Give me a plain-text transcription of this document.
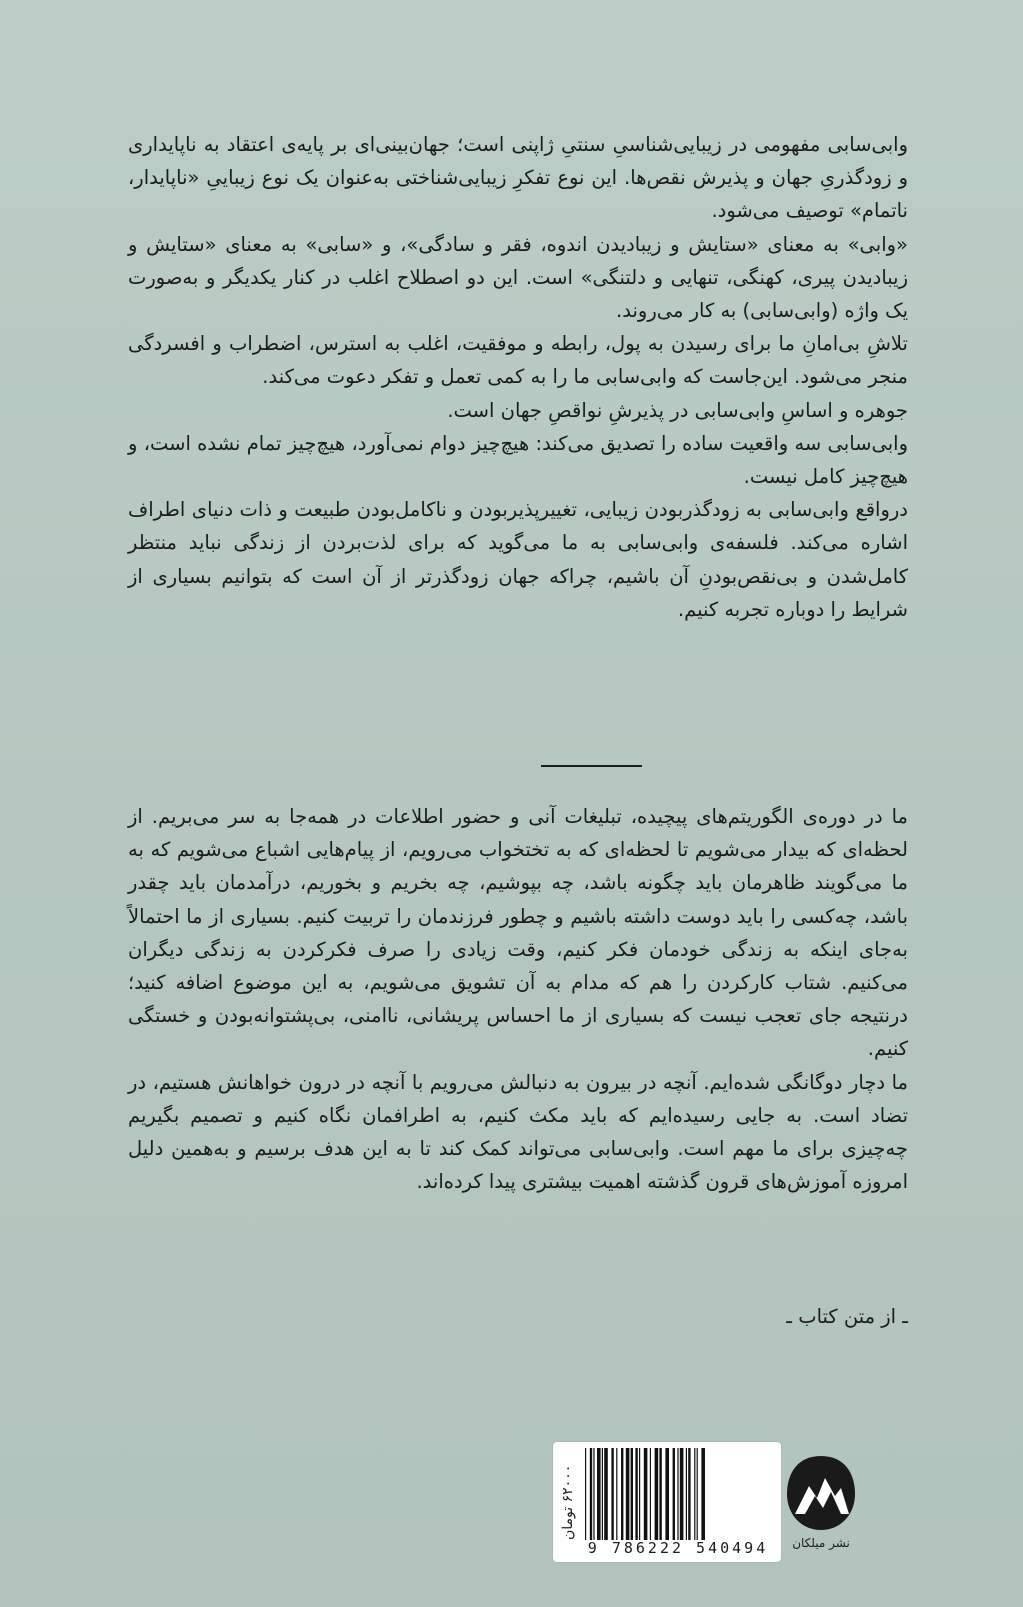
وابی‌سابی مفهومی در زیبایی‌شناسیِ سنتیِ ژاپنی است؛ جهان‌بینی‌ای بر پایه‌ی اعتقاد به ناپایداری و زودگذریِ جهان و پذیرش نقص‌ها. این نوع تفکرِ زیبایی‌شناختی به‌عنوان یک نوع زیباییِ «ناپایدار، ناتمام» توصیف می‌شود.

«وابی» به معنای «ستایش و زیبادیدن اندوه، فقر و سادگی»، و «سابی» به معنای «ستایش و زیبادیدن پیری، کهنگی، تنهایی و دلتنگی» است. این دو اصطلاح اغلب در کنار یکدیگر و به‌صورت یک واژه (وابی‌سابی) به کار می‌روند.

تلاشِ بی‌امانِ ما برای رسیدن به پول، رابطه و موفقیت، اغلب به استرس، اضطراب و افسردگی منجر می‌شود. این‌جاست که وابی‌سابی ما را به کمی تعمل و تفکر دعوت می‌کند.

جوهره و اساسِ وابی‌سابی در پذیرشِ نواقصِ جهان است.

وابی‌سابی سه واقعیت ساده را تصدیق می‌کند: هیچ‌چیز دوام نمی‌آورد، هیچ‌چیز تمام نشده است، و هیچ‌چیز کامل نیست.

درواقع وابی‌سابی به زودگذربودن زیبایی، تغییرپذیربودن و ناکامل‌بودن طبیعت و ذات دنیای اطراف اشاره می‌کند. فلسفه‌ی وابی‌سابی به ما می‌گوید که برای لذت‌بردن از زندگی نباید منتظر کامل‌شدن و بی‌نقص‌بودنِ آن باشیم، چراکه جهان زودگذرتر از آن است که بتوانیم بسیاری از شرایط را دوباره تجربه کنیم.

ما در دوره‌ی الگوریتم‌های پیچیده، تبلیغات آنی و حضور اطلاعات در همه‌جا به سر می‌بریم. از لحظه‌ای که بیدار می‌شویم تا لحظه‌ای که به تختخواب می‌رویم، از پیام‌هایی اشباع می‌شویم که به ما می‌گویند ظاهرمان باید چگونه باشد، چه بپوشیم، چه بخریم و بخوریم، درآمدمان باید چقدر باشد، چه‌کسی را باید دوست داشته باشیم و چطور فرزندمان را تربیت کنیم. بسیاری از ما احتمالاً به‌جای اینکه به زندگی خودمان فکر کنیم، وقت زیادی را صرف فکرکردن به زندگی دیگران می‌کنیم. شتاب کارکردن را هم که مدام به آن تشویق می‌شویم، به این موضوع اضافه کنید؛ درنتیجه جای تعجب نیست که بسیاری از ما احساس پریشانی، ناامنی، بی‌پشتوانه‌بودن و خستگی کنیم.

ما دچار دوگانگی شده‌ایم. آنچه در بیرون به دنبالش می‌رویم با آنچه در درون خواهانش هستیم، در تضاد است. به جایی رسیده‌ایم که باید مکث کنیم، به اطرافمان نگاه کنیم و تصمیم بگیریم چه‌چیزی برای ما مهم است. وابی‌سابی می‌تواند کمک کند تا به این هدف برسیم و به‌همین دلیل امروزه آموزش‌های قرون گذشته اهمیت بیشتری پیدا کرده‌اند.

ـ از متن کتاب ـ
۶۲۰۰۰ تومان
9 786222 540494	نشر میلکان
